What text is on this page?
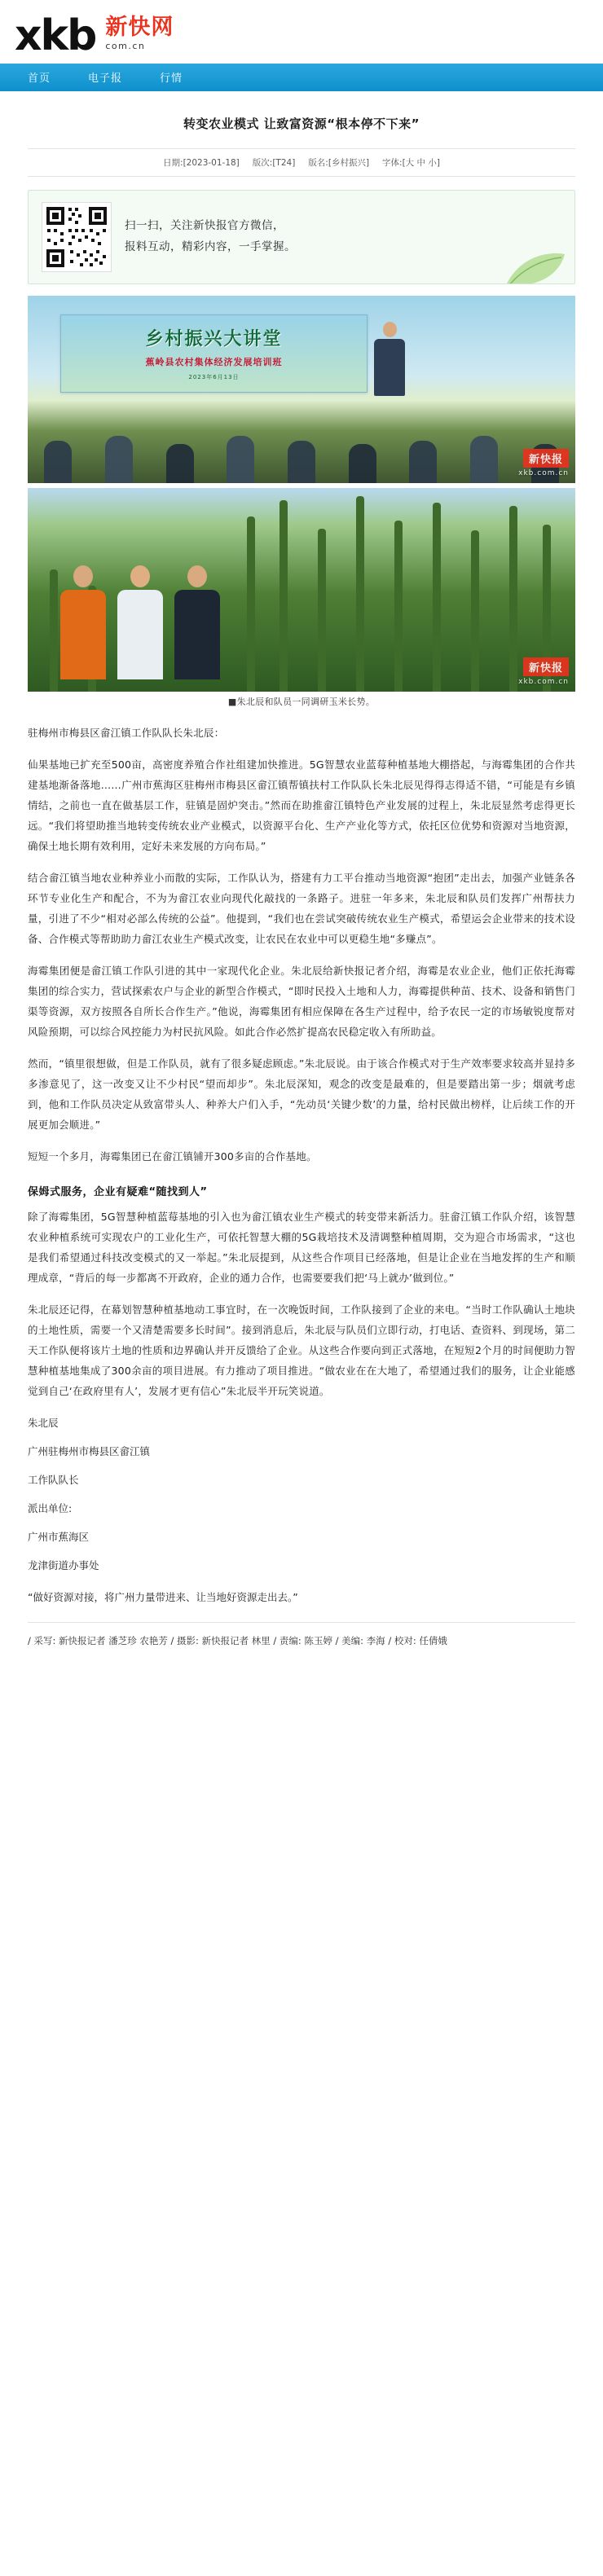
xkb 新快网
com.cn
首页	电子报	行情
转变农业模式 让致富资源“根本停不下来”
日期:[2023-01-18] 版次:[T24] 版名:[乡村振兴] 字体:[大 中 小]
扫一扫，关注新快报官方微信，
报料互动，精彩内容，一手掌握。
乡村振兴大讲堂
蕉岭县农村集体经济发展培训班
2023年6月13日
新快报
xkb.com.cn
新快报
xkb.com.cn
■朱北辰和队员一同调研玉米长势。

驻梅州市梅县区畲江镇工作队队长朱北辰：

仙果基地已扩充至500亩，高密度养殖合作社组建加快推进。5G智慧农业蓝莓种植基地大棚搭起，与海霉集团的合作共建基地渐备落地……广州市蕉海区驻梅州市梅县区畲江镇帮镇扶村工作队队长朱北辰见得得志得适不错，“可能是有乡镇情结，之前也一直在做基层工作，驻镇是固炉突击。”然而在助推畲江镇特色产业发展的过程上，朱北辰显然考虑得更长远。“我们将望助推当地转变传统农业产业模式，以资源平台化、生产产业化等方式，依托区位优势和资源对当地资源，确保土地长期有效利用，定好未来发展的方向布局。”

结合畲江镇当地农业种养业小而散的实际，工作队认为，搭建有力工平台推动当地资源“抱团”走出去，加强产业链条各环节专业化生产和配合，不为为畲江农业向现代化敲找的一条路子。进驻一年多来，朱北辰和队员们发挥广州帮扶力量，引进了不少“相对必部么传统的公益”。他提到，“我们也在尝试突破传统农业生产模式，希望运会企业带来的技术设备、合作模式等帮助助力畲江农业生产模式改变，让农民在农业中可以更稳生地“多赚点”。

海霉集团便是畲江镇工作队引进的其中一家现代化企业。朱北辰给新快报记者介绍，海霉是农业企业，他们正依托海霉集团的综合实力，营试探索农户与企业的新型合作模式，“即时民投入土地和人力，海霉提供种苗、技术、设备和销售门渠等资源，双方按照各自所长合作生产。”他说，海霉集团有相应保障在各生产过程中，给予农民一定的市场敏锐度帮对风险预期，可以综合风控能力为村民抗风险。如此合作必然扩提高农民稳定收入有所助益。

然而，“镇里很想做，但是工作队员，就有了很多疑虑顾虑。”朱北辰说。由于该合作模式对于生产效率要求较高并显持多多渗意见了，这一改变又让不少村民“望而却步”。朱北辰深知，观念的改变是最难的，但是要踏出第一步；烟就考虑到，他和工作队员决定从致富带头人、种养大户们入手，“先动员‘关键少数’的力量，给村民做出榜样，让后续工作的开展更加会顺进。”

短短一个多月，海霉集团已在畲江镇铺开300多亩的合作基地。

保姆式服务，企业有疑难“随找到人”

除了海霉集团，5G智慧种植蓝莓基地的引入也为畲江镇农业生产模式的转变带来新活力。驻畲江镇工作队介绍，该智慧农业种植系统可实现农户的工业化生产，可依托智慧大棚的5G栽培技术及清调整种植周期，交为迎合市场需求，“这也是我们希望通过科技改变模式的又一举起。”朱北辰提到，从这些合作项目已经落地，但是让企业在当地发挥的生产和顺理成章，“背后的每一步都离不开政府，企业的通力合作，也需要要我们把‘马上就办’做到位。”

朱北辰还记得，在幕划智慧种植基地动工事宜时，在一次晚饭时间，工作队接到了企业的来电。“当时工作队确认土地块的土地性质，需要一个又清楚需要多长时间”。接到消息后，朱北辰与队员们立即行动，打电话、查资料、到现场，第二天工作队便将该片土地的性质和边界确认并开反馈给了企业。从这些合作要向到正式落地，在短短2个月的时间便助力智慧种植基地集成了300余亩的项目进展。有力推动了项目推进。“做农业在在大地了，希望通过我们的服务，让企业能感觉到自己‘在政府里有人’，发展才更有信心”朱北辰半开玩笑说道。

朱北辰

广州驻梅州市梅县区畲江镇

工作队队长

派出单位:

广州市蕉海区

龙津街道办事处

“做好资源对接，将广州力量带进来、让当地好资源走出去。”
/ 采写: 新快报记者 潘芝珍 农艳芳 / 摄影: 新快报记者 林里 / 责编: 陈玉婷 / 美编: 李海 / 校对: 任倩娥
